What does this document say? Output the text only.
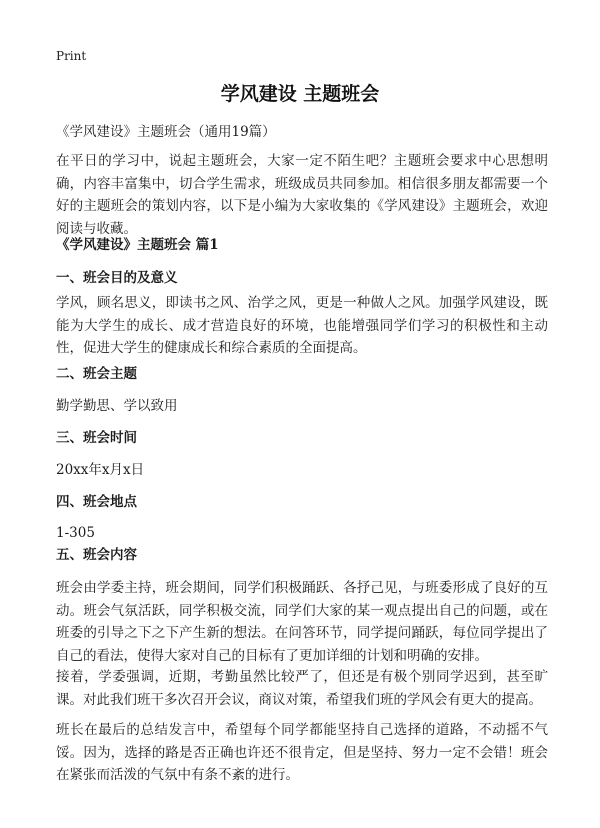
Print
学风建设 主题班会
《学风建设》主题班会（通用19篇）

在平日的学习中，说起主题班会，大家一定不陌生吧？主题班会要求中心思想明确，内容丰富集中，切合学生需求，班级成员共同参加。相信很多朋友都需要一个好的主题班会的策划内容，以下是小编为大家收集的《学风建设》主题班会，欢迎阅读与收藏。

《学风建设》主题班会 篇1
一、班会目的及意义

学风，顾名思义，即读书之风、治学之风，更是一种做人之风。加强学风建设，既能为大学生的成长、成才营造良好的环境，也能增强同学们学习的积极性和主动性，促进大学生的健康成长和综合素质的全面提高。

二、班会主题
勤学勤思、学以致用
三、班会时间
20xx年x月x日
四、班会地点
1-305
五、班会内容

班会由学委主持，班会期间，同学们积极踊跃、各抒己见，与班委形成了良好的互动。班会气氛活跃，同学积极交流，同学们大家的某一观点提出自己的问题，或在班委的引导之下之下产生新的想法。在问答环节，同学提问踊跃，每位同学提出了自己的看法，使得大家对自己的目标有了更加详细的计划和明确的安排。

接着，学委强调，近期，考勤虽然比较严了，但还是有极个别同学迟到，甚至旷课。对此我们班干多次召开会议，商议对策，希望我们班的学风会有更大的提高。

班长在最后的总结发言中，希望每个同学都能坚持自己选择的道路，不动摇不气馁。因为，选择的路是否正确也许还不很肯定，但是坚持、努力一定不会错！班会在紧张而活泼的气氛中有条不紊的进行。
